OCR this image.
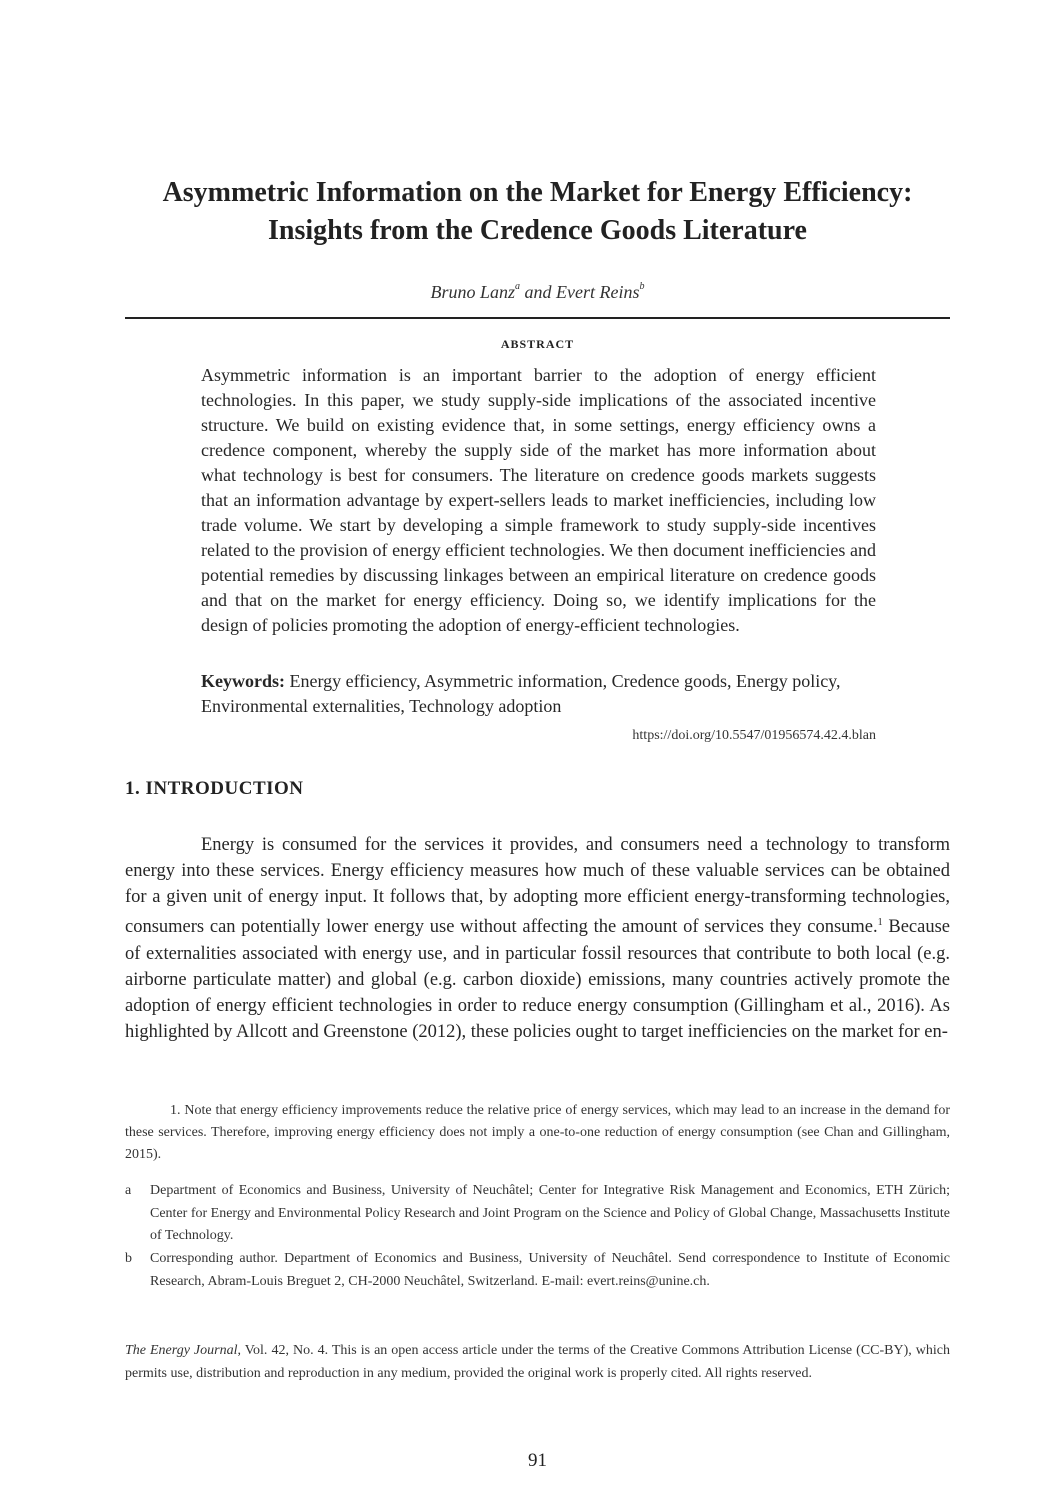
Asymmetric Information on the Market for Energy Efficiency:
Insights from the Credence Goods Literature
Bruno Lanz$^a$ and Evert Reins$^b$
ABSTRACT

Asymmetric information is an important barrier to the adoption of energy efficient technologies. In this paper, we study supply-side implications of the associated incentive structure. We build on existing evidence that, in some settings, energy efficiency owns a credence component, whereby the supply side of the market has more information about what technology is best for consumers. The literature on credence goods markets suggests that an information advantage by expert-sellers leads to market inefficiencies, including low trade volume. We start by developing a simple framework to study supply-side incentives related to the provision of energy efficient technologies. We then document inefficiencies and potential remedies by discussing linkages between an empirical literature on credence goods and that on the market for energy efficiency. Doing so, we identify implications for the design of policies promoting the adoption of energy-efficient technologies.

Keywords: Energy efficiency, Asymmetric information, Credence goods, Energy policy, Environmental externalities, Technology adoption
https://doi.org/10.5547/01956574.42.4.blan
1. INTRODUCTION

Energy is consumed for the services it provides, and consumers need a technology to transform energy into these services. Energy efficiency measures how much of these valuable services can be obtained for a given unit of energy input. It follows that, by adopting more efficient energy-transforming technologies, consumers can potentially lower energy use without affecting the amount of services they consume.$^1$ Because of externalities associated with energy use, and in particular fossil resources that contribute to both local (e.g. airborne particulate matter) and global (e.g. carbon dioxide) emissions, many countries actively promote the adoption of energy efficient technologies in order to reduce energy consumption (Gillingham et al., 2016). As highlighted by Allcott and Greenstone (2012), these policies ought to target inefficiencies on the market for en-

1. Note that energy efficiency improvements reduce the relative price of energy services, which may lead to an increase in the demand for these services. Therefore, improving energy efficiency does not imply a one-to-one reduction of energy consumption (see Chan and Gillingham, 2015).

a Department of Economics and Business, University of Neuchâtel; Center for Integrative Risk Management and Economics, ETH Zürich; Center for Energy and Environmental Policy Research and Joint Program on the Science and Policy of Global Change, Massachusetts Institute of Technology.
b Corresponding author. Department of Economics and Business, University of Neuchâtel. Send correspondence to Institute of Economic Research, Abram-Louis Breguet 2, CH-2000 Neuchâtel, Switzerland. E-mail: evert.reins@unine.ch.
The Energy Journal, Vol. 42, No. 4. This is an open access article under the terms of the Creative Commons Attribution License (CC-BY), which permits use, distribution and reproduction in any medium, provided the original work is properly cited. All rights reserved.
91
